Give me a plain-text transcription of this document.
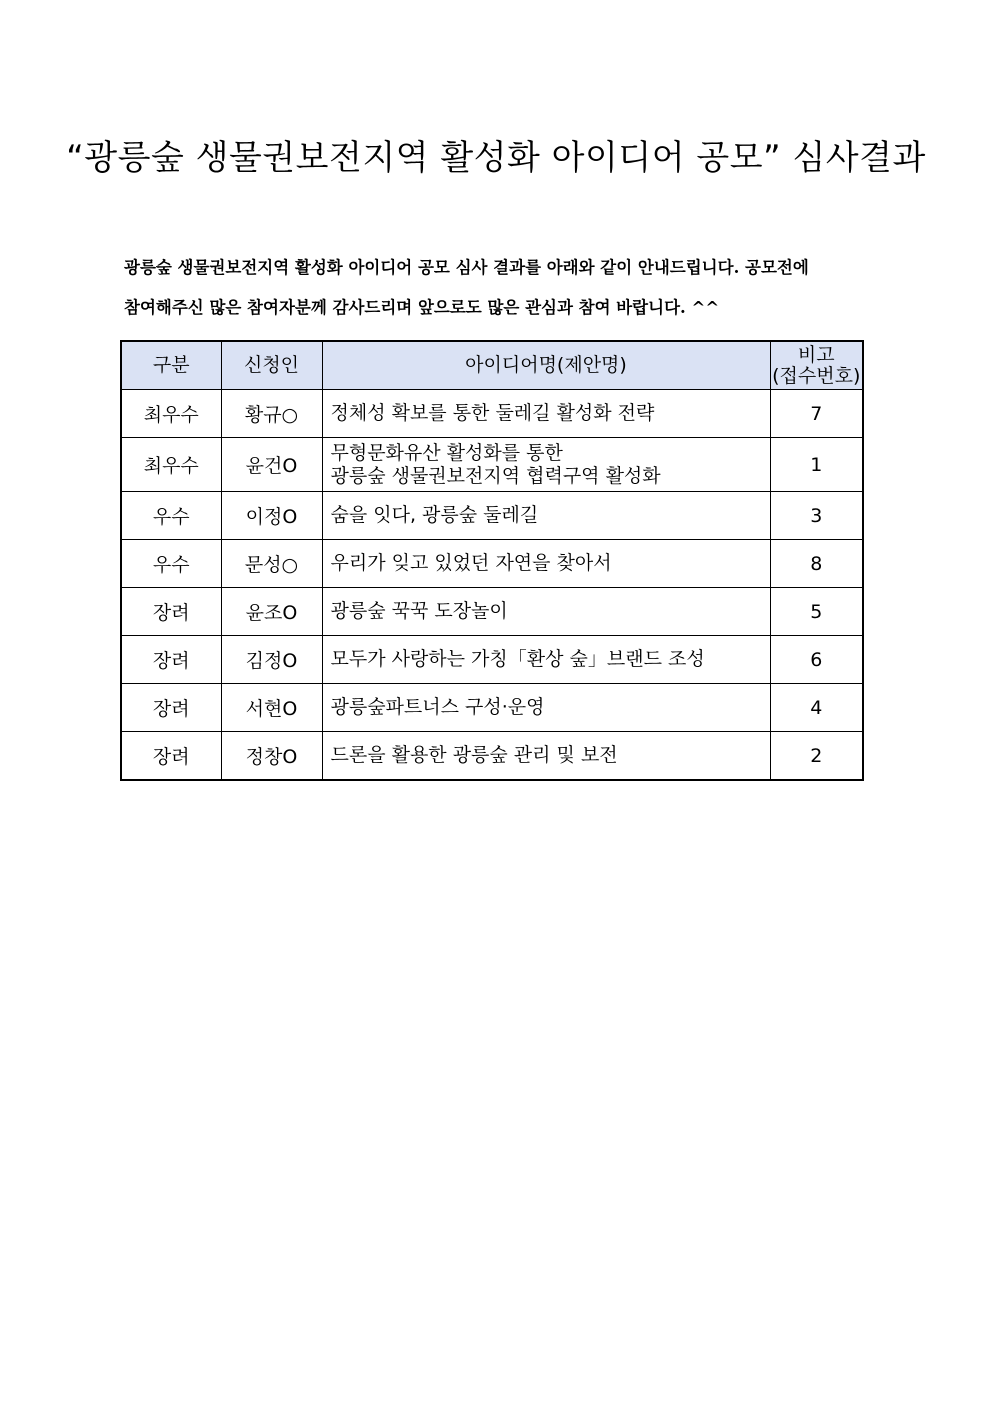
“광릉숲 생물권보전지역 활성화 아이디어 공모” 심사결과
광릉숲 생물권보전지역 활성화 아이디어 공모 심사 결과를 아래와 같이 안내드립니다. 공모전에
참여해주신 많은 참여자분께 감사드리며 앞으로도 많은 관심과 참여 바랍니다. ^^
구분	신청인	아이디어명(제안명)	비고
(접수번호)

최우수	황규○	정체성 확보를 통한 둘레길 활성화 전략	7
최우수	윤건O	무형문화유산 활성화를 통한
광릉숲 생물권보전지역 협력구역 활성화	1
우수	이정O	숨을 잇다, 광릉숲 둘레길	3
우수	문성○	우리가 잊고 있었던 자연을 찾아서	8
장려	윤조O	광릉숲 꾹꾹 도장놀이	5
장려	김정O	모두가 사랑하는 가칭「환상 숲」브랜드 조성	6
장려	서현O	광릉숲파트너스 구성·운영	4
장려	정창O	드론을 활용한 광릉숲 관리 및 보전	2
